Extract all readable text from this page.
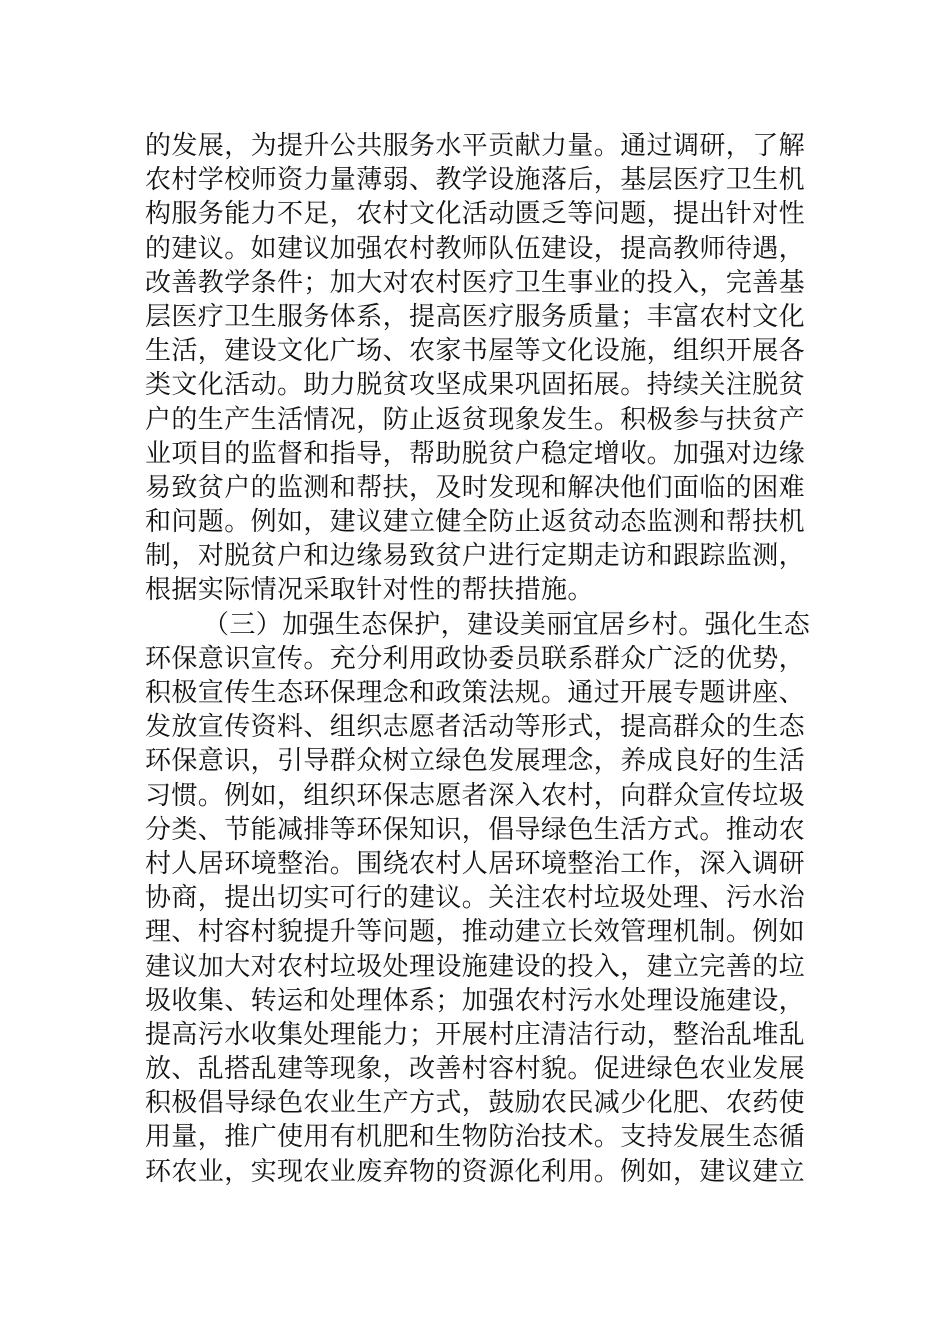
的发展，为提升公共服务水平贡献力量。通过调研，了解
农村学校师资力量薄弱、教学设施落后，基层医疗卫生机
构服务能力不足，农村文化活动匮乏等问题，提出针对性
的建议。如建议加强农村教师队伍建设，提高教师待遇，
改善教学条件；加大对农村医疗卫生事业的投入，完善基
层医疗卫生服务体系，提高医疗服务质量；丰富农村文化
生活，建设文化广场、农家书屋等文化设施，组织开展各
类文化活动。助力脱贫攻坚成果巩固拓展。持续关注脱贫
户的生产生活情况，防止返贫现象发生。积极参与扶贫产
业项目的监督和指导，帮助脱贫户稳定增收。加强对边缘
易致贫户的监测和帮扶，及时发现和解决他们面临的困难
和问题。例如，建议建立健全防止返贫动态监测和帮扶机
制，对脱贫户和边缘易致贫户进行定期走访和跟踪监测，
根据实际情况采取针对性的帮扶措施。
（三）加强生态保护，建设美丽宜居乡村。强化生态
环保意识宣传。充分利用政协委员联系群众广泛的优势，
积极宣传生态环保理念和政策法规。通过开展专题讲座、
发放宣传资料、组织志愿者活动等形式，提高群众的生态
环保意识，引导群众树立绿色发展理念，养成良好的生活
习惯。例如，组织环保志愿者深入农村，向群众宣传垃圾
分类、节能减排等环保知识，倡导绿色生活方式。推动农
村人居环境整治。围绕农村人居环境整治工作，深入调研
协商，提出切实可行的建议。关注农村垃圾处理、污水治
理、村容村貌提升等问题，推动建立长效管理机制。例如
建议加大对农村垃圾处理设施建设的投入，建立完善的垃
圾收集、转运和处理体系；加强农村污水处理设施建设，
提高污水收集处理能力；开展村庄清洁行动，整治乱堆乱
放、乱搭乱建等现象，改善村容村貌。促进绿色农业发展
积极倡导绿色农业生产方式，鼓励农民减少化肥、农药使
用量，推广使用有机肥和生物防治技术。支持发展生态循
环农业，实现农业废弃物的资源化利用。例如，建议建立
